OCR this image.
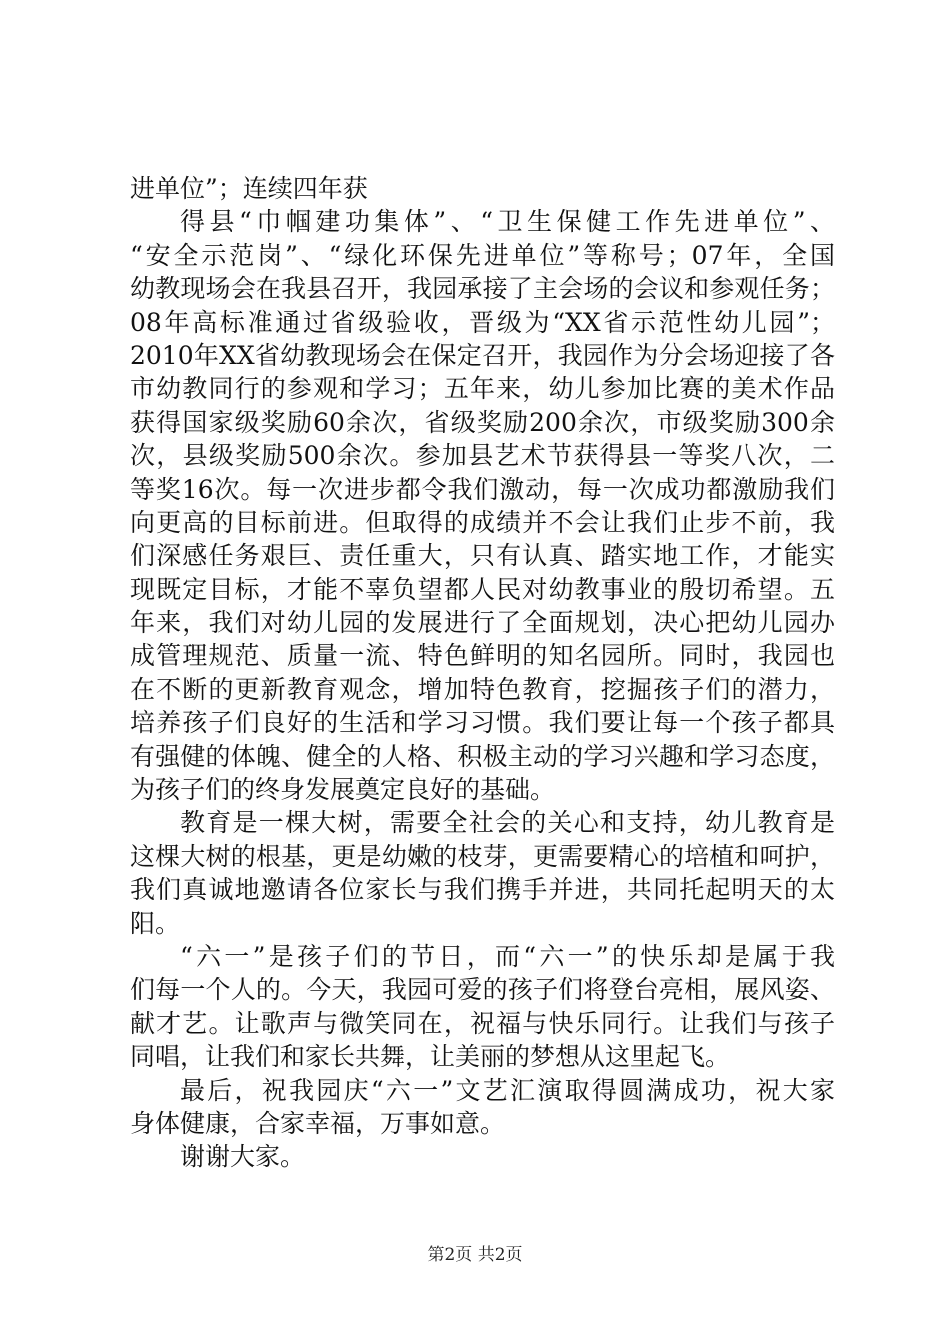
进单位”；连续四年获
得县“巾帼建功集体”、“卫生保健工作先进单位”、
“安全示范岗”、“绿化环保先进单位”等称号；07年，全国
幼教现场会在我县召开，我园承接了主会场的会议和参观任务；
08年高标准通过省级验收，晋级为“XX省示范性幼儿园”；
2010年XX省幼教现场会在保定召开，我园作为分会场迎接了各
市幼教同行的参观和学习；五年来，幼儿参加比赛的美术作品
获得国家级奖励60余次，省级奖励200余次，市级奖励300余
次，县级奖励500余次。参加县艺术节获得县一等奖八次，二
等奖16次。每一次进步都令我们激动，每一次成功都激励我们
向更高的目标前进。但取得的成绩并不会让我们止步不前，我
们深感任务艰巨、责任重大，只有认真、踏实地工作，才能实
现既定目标，才能不辜负望都人民对幼教事业的殷切希望。五
年来，我们对幼儿园的发展进行了全面规划，决心把幼儿园办
成管理规范、质量一流、特色鲜明的知名园所。同时，我园也
在不断的更新教育观念，增加特色教育，挖掘孩子们的潜力，
培养孩子们良好的生活和学习习惯。我们要让每一个孩子都具
有强健的体魄、健全的人格、积极主动的学习兴趣和学习态度，
为孩子们的终身发展奠定良好的基础。
教育是一棵大树，需要全社会的关心和支持，幼儿教育是
这棵大树的根基，更是幼嫩的枝芽，更需要精心的培植和呵护，
我们真诚地邀请各位家长与我们携手并进，共同托起明天的太
阳。
“六一”是孩子们的节日，而“六一”的快乐却是属于我
们每一个人的。今天，我园可爱的孩子们将登台亮相，展风姿、
献才艺。让歌声与微笑同在，祝福与快乐同行。让我们与孩子
同唱，让我们和家长共舞，让美丽的梦想从这里起飞。
最后，祝我园庆“六一”文艺汇演取得圆满成功，祝大家
身体健康，合家幸福，万事如意。
谢谢大家。
第2页 共2页
